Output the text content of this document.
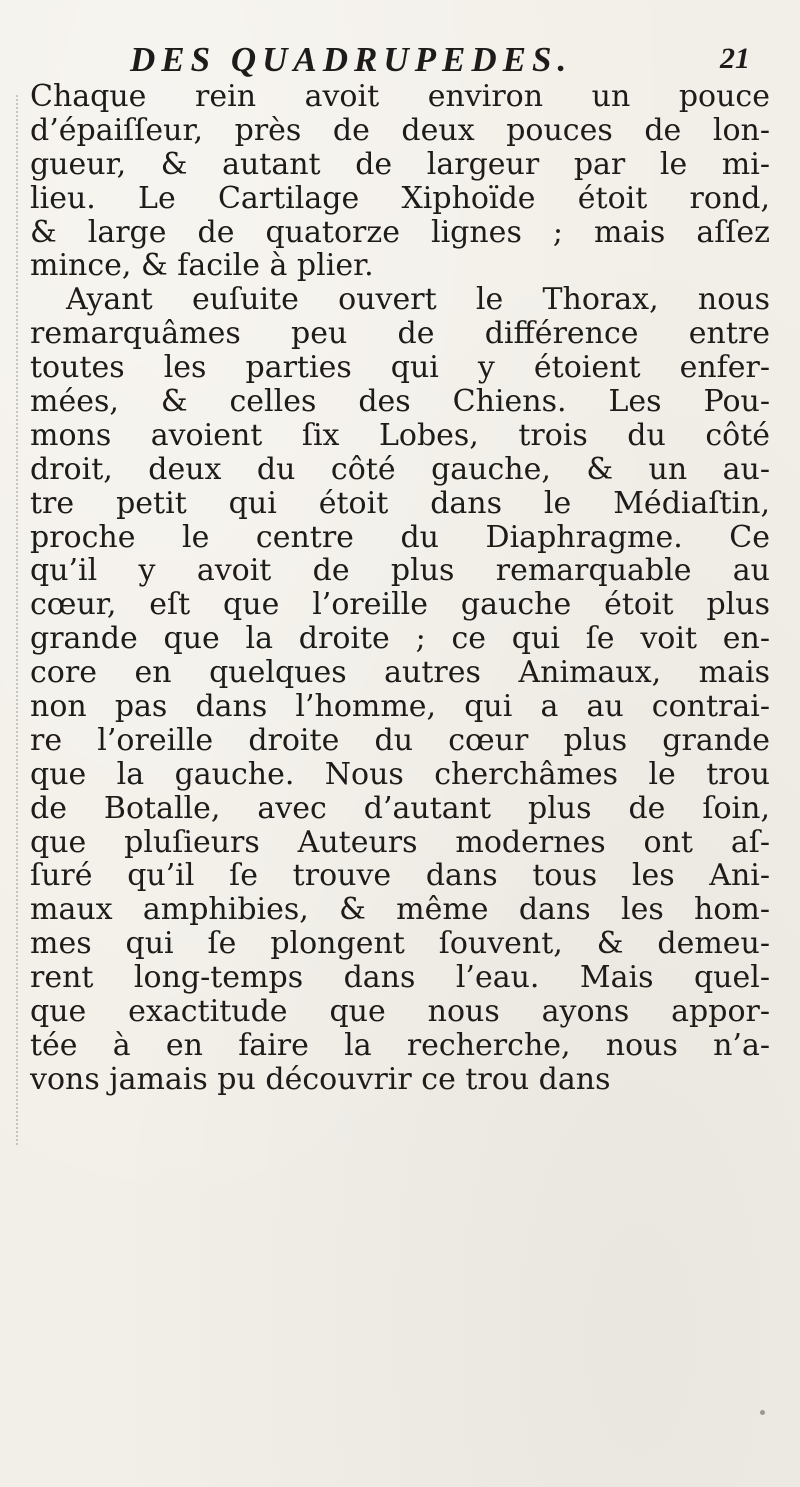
DES QUADRUPEDES.	21
Chaque rein avoit environ un pouce
d’épaiſſeur, près de deux pouces de lon-
gueur, & autant de largeur par le mi-
lieu. Le Cartilage Xiphoïde étoit rond,
& large de quatorze lignes ; mais aſſez
mince, & facile à plier.
Ayant euſuite ouvert le Thorax, nous
remarquâmes peu de différence entre
toutes les parties qui y étoient enfer-
mées, & celles des Chiens. Les Pou-
mons avoient ſix Lobes, trois du côté
droit, deux du côté gauche, & un au-
tre petit qui étoit dans le Médiaſtin,
proche le centre du Diaphragme. Ce
qu’il y avoit de plus remarquable au
cœur, eſt que l’oreille gauche étoit plus
grande que la droite ; ce qui ſe voit en-
core en quelques autres Animaux, mais
non pas dans l’homme, qui a au contrai-
re l’oreille droite du cœur plus grande
que la gauche. Nous cherchâmes le trou
de Botalle, avec d’autant plus de ſoin,
que pluſieurs Auteurs modernes ont aſ-
ſuré qu’il ſe trouve dans tous les Ani-
maux amphibies, & même dans les hom-
mes qui ſe plongent ſouvent, & demeu-
rent long-temps dans l’eau. Mais quel-
que exactitude que nous ayons appor-
tée à en faire la recherche, nous n’a-
vons jamais pu découvrir ce trou dans
